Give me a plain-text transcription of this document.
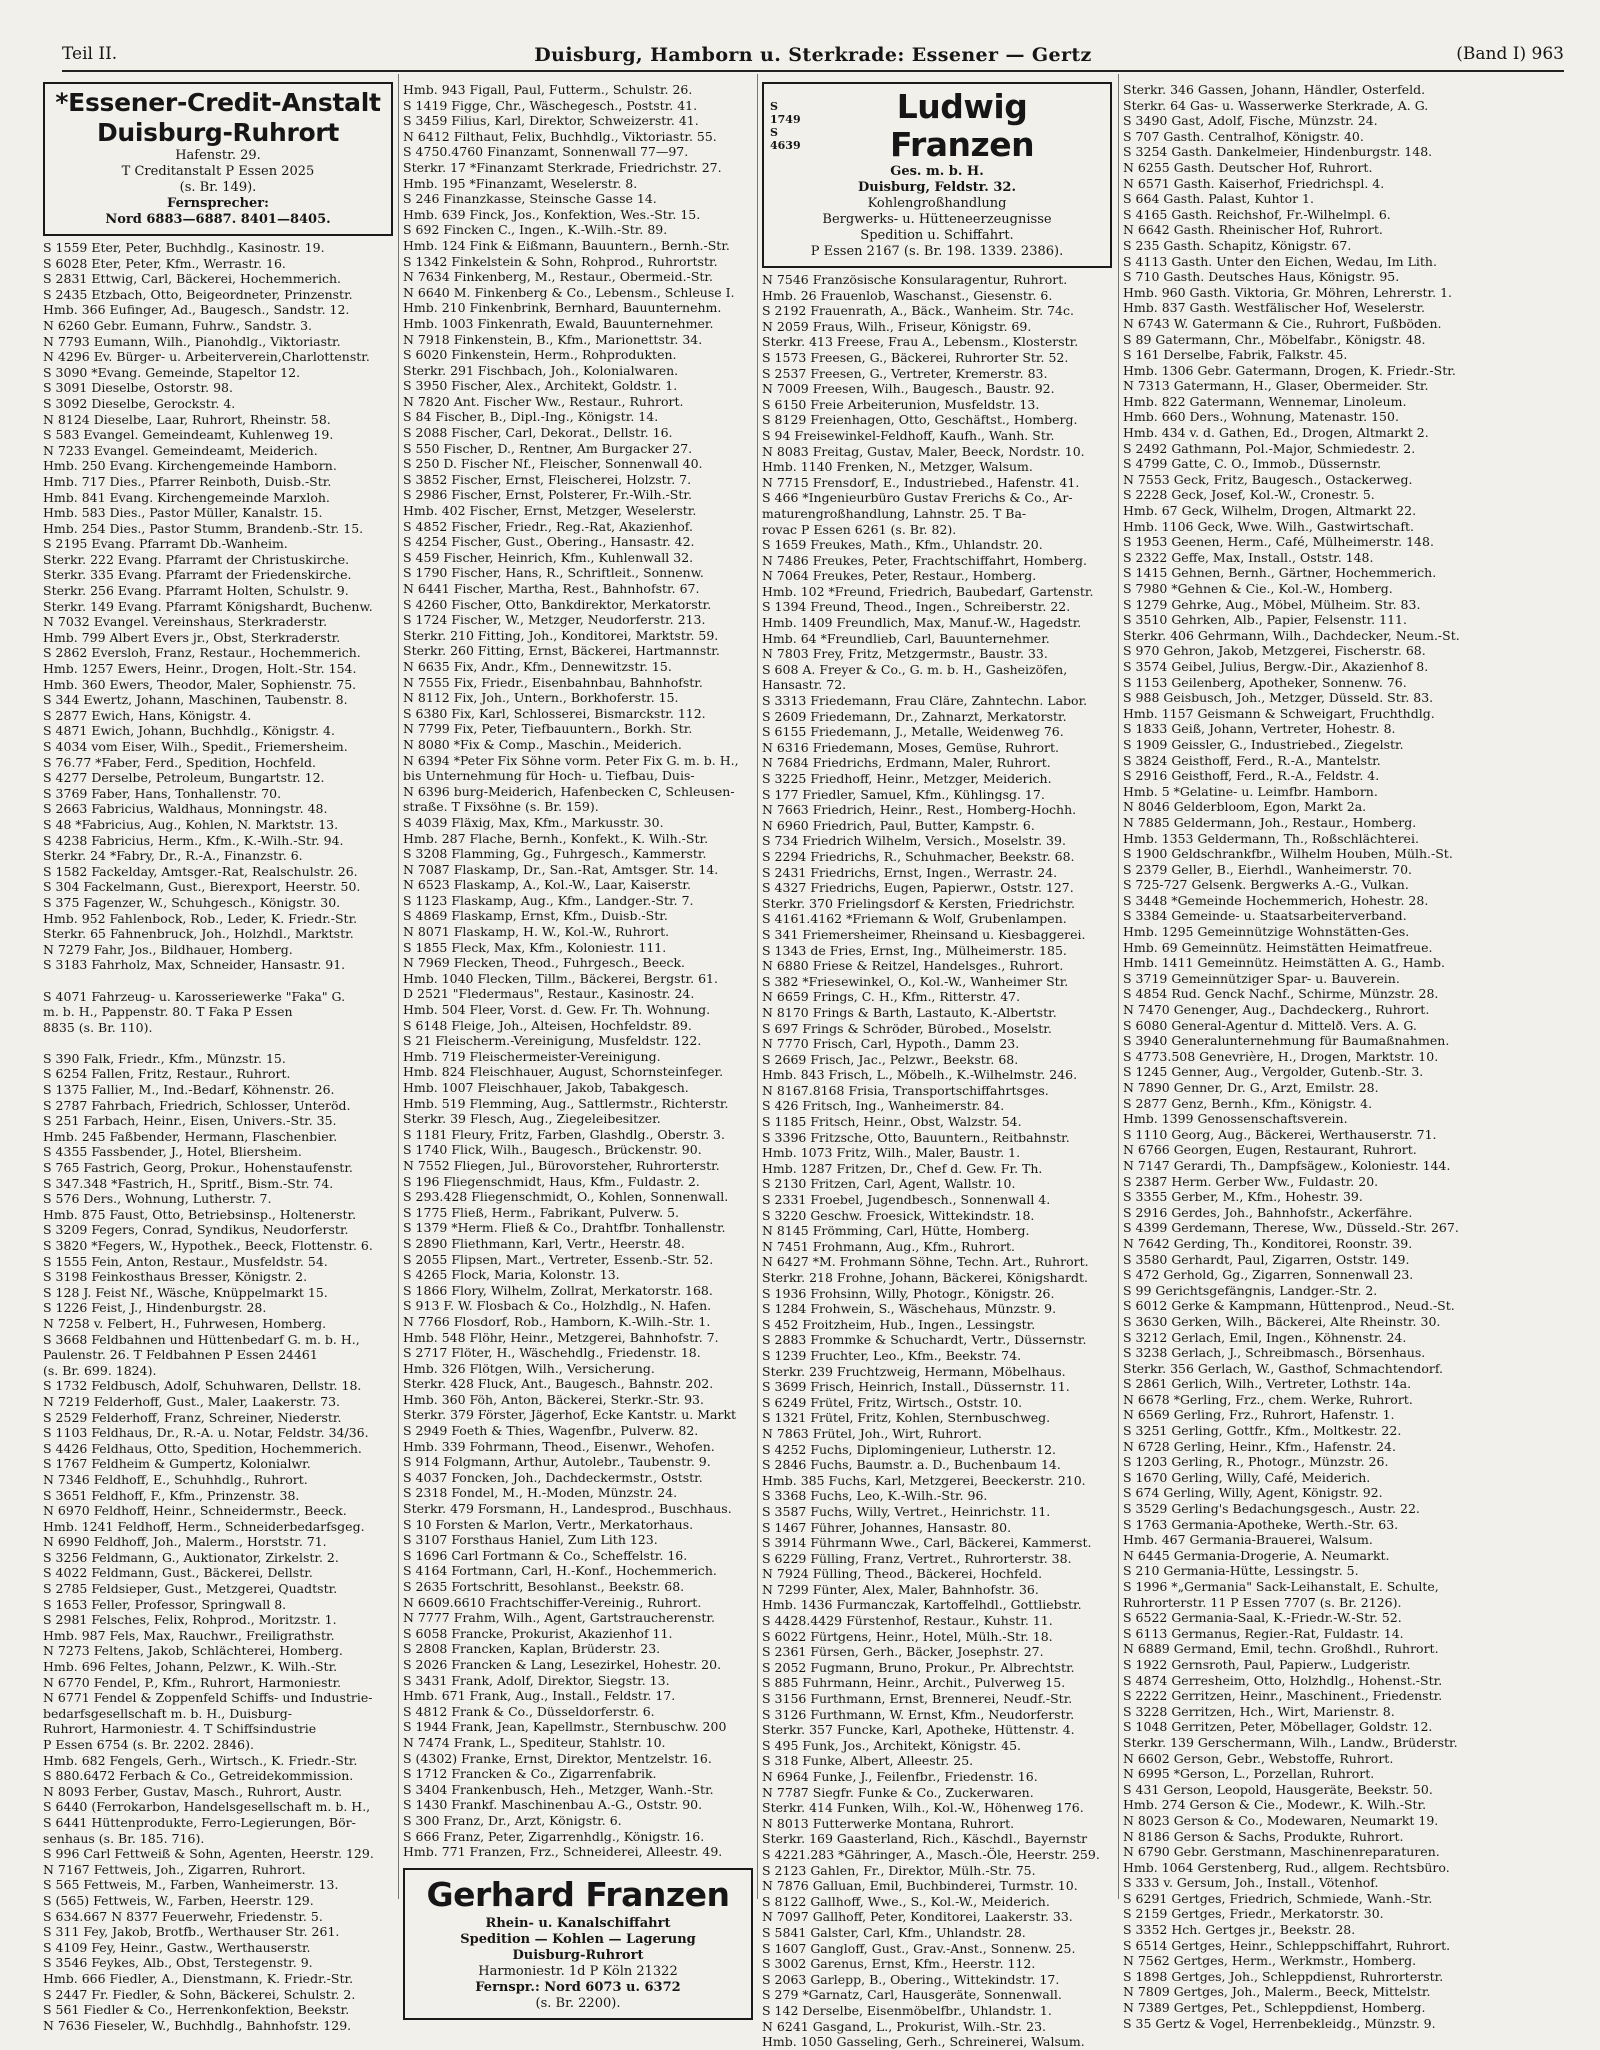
Teil II.	Duisburg, Hamborn u. Sterkrade: Essener — Gertz	(Band I) 963
*Essener-Credit-Anstalt
Duisburg-Ruhrort
Hafenstr. 29.
T Creditanstalt P Essen 2025
(s. Br. 149).
Fernsprecher:
Nord 6883—6887. 8401—8405.
S 1559 Eter, Peter, Buchhdlg., Kasinostr. 19.
S 6028 Eter, Peter, Kfm., Werrastr. 16.
S 2831 Ettwig, Carl, Bäckerei, Hochemmerich.
S 2435 Etzbach, Otto, Beigeordneter, Prinzenstr.
Hmb. 366 Eufinger, Ad., Baugesch., Sandstr. 12.
N 6260 Gebr. Eumann, Fuhrw., Sandstr. 3.
N 7793 Eumann, Wilh., Pianohdlg., Viktoriastr.
N 4296 Ev. Bürger- u. Arbeiterverein,Charlottenstr.
S 3090 *Evang. Gemeinde, Stapeltor 12.
S 3091 Dieselbe, Ostorstr. 98.
S 3092 Dieselbe, Gerockstr. 4.
N 8124 Dieselbe, Laar, Ruhrort, Rheinstr. 58.
S 583 Evangel. Gemeindeamt, Kuhlenweg 19.
N 7233 Evangel. Gemeindeamt, Meiderich.
Hmb. 250 Evang. Kirchengemeinde Hamborn.
Hmb. 717 Dies., Pfarrer Reinboth, Duisb.-Str.
Hmb. 841 Evang. Kirchengemeinde Marxloh.
Hmb. 583 Dies., Pastor Müller, Kanalstr. 15.
Hmb. 254 Dies., Pastor Stumm, Brandenb.-Str. 15.
S 2195 Evang. Pfarramt Db.-Wanheim.
Sterkr. 222 Evang. Pfarramt der Christuskirche.
Sterkr. 335 Evang. Pfarramt der Friedenskirche.
Sterkr. 256 Evang. Pfarramt Holten, Schulstr. 9.
Sterkr. 149 Evang. Pfarramt Königshardt, Buchenw.
N 7032 Evangel. Vereinshaus, Sterkraderstr.
Hmb. 799 Albert Evers jr., Obst, Sterkraderstr.
S 2862 Eversloh, Franz, Restaur., Hochemmerich.
Hmb. 1257 Ewers, Heinr., Drogen, Holt.-Str. 154.
Hmb. 360 Ewers, Theodor, Maler, Sophienstr. 75.
S 344 Ewertz, Johann, Maschinen, Taubenstr. 8.
S 2877 Ewich, Hans, Königstr. 4.
S 4871 Ewich, Johann, Buchhdlg., Königstr. 4.
S 4034 vom Eiser, Wilh., Spedit., Friemersheim.
S 76.77 *Faber, Ferd., Spedition, Hochfeld.
S 4277 Derselbe, Petroleum, Bungartstr. 12.
S 3769 Faber, Hans, Tonhallenstr. 70.
S 2663 Fabricius, Waldhaus, Monningstr. 48.
S 48 *Fabricius, Aug., Kohlen, N. Marktstr. 13.
S 4238 Fabricius, Herm., Kfm., K.-Wilh.-Str. 94.
Sterkr. 24 *Fabry, Dr., R.-A., Finanzstr. 6.
S 1582 Fackelday, Amtsger.-Rat, Realschulstr. 26.
S 304 Fackelmann, Gust., Bierexport, Heerstr. 50.
S 375 Fagenzer, W., Schuhgesch., Königstr. 30.
Hmb. 952 Fahlenbock, Rob., Leder, K. Friedr.-Str.
Sterkr. 65 Fahnenbruck, Joh., Holzhdl., Marktstr.
N 7279 Fahr, Jos., Bildhauer, Homberg.
S 3183 Fahrholz, Max, Schneider, Hansastr. 91.

S 4071 Fahrzeug- u. Karosseriewerke "Faka" G.
m. b. H., Pappenstr. 80. T Faka P Essen
8835 (s. Br. 110).

S 390 Falk, Friedr., Kfm., Münzstr. 15.
S 6254 Fallen, Fritz, Restaur., Ruhrort.
S 1375 Fallier, M., Ind.-Bedarf, Köhnenstr. 26.
S 2787 Fahrbach, Friedrich, Schlosser, Unteröd.
S 251 Farbach, Heinr., Eisen, Univers.-Str. 35.
Hmb. 245 Faßbender, Hermann, Flaschenbier.
S 4355 Fassbender, J., Hotel, Bliersheim.
S 765 Fastrich, Georg, Prokur., Hohenstaufenstr.
S 347.348 *Fastrich, H., Spritf., Bism.-Str. 74.
S 576 Ders., Wohnung, Lutherstr. 7.
Hmb. 875 Faust, Otto, Betriebsinsp., Holtenerstr.
S 3209 Fegers, Conrad, Syndikus, Neudorferstr.
S 3820 *Fegers, W., Hypothek., Beeck, Flottenstr. 6.
S 1555 Fein, Anton, Restaur., Musfeldstr. 54.
S 3198 Feinkosthaus Bresser, Königstr. 2.
S 128 J. Feist Nf., Wäsche, Knüppelmarkt 15.
S 1226 Feist, J., Hindenburgstr. 28.
N 7258 v. Felbert, H., Fuhrwesen, Homberg.
S 3668 Feldbahnen und Hüttenbedarf G. m. b. H.,
Paulenstr. 26. T Feldbahnen P Essen 24461
(s. Br. 699. 1824).
S 1732 Feldbusch, Adolf, Schuhwaren, Dellstr. 18.
N 7219 Felderhoff, Gust., Maler, Laakerstr. 73.
S 2529 Felderhoff, Franz, Schreiner, Niederstr.
S 1103 Feldhaus, Dr., R.-A. u. Notar, Feldstr. 34/36.
S 4426 Feldhaus, Otto, Spedition, Hochemmerich.
S 1767 Feldheim & Gumpertz, Kolonialwr.
N 7346 Feldhoff, E., Schuhhdlg., Ruhrort.
S 3651 Feldhoff, F., Kfm., Prinzenstr. 38.
N 6970 Feldhoff, Heinr., Schneidermstr., Beeck.
Hmb. 1241 Feldhoff, Herm., Schneiderbedarfsgeg.
N 6990 Feldhoff, Joh., Malerm., Horststr. 71.
S 3256 Feldmann, G., Auktionator, Zirkelstr. 2.
S 4022 Feldmann, Gust., Bäckerei, Dellstr.
S 2785 Feldsieper, Gust., Metzgerei, Quadtstr.
S 1653 Feller, Professor, Springwall 8.
S 2981 Felsches, Felix, Rohprod., Moritzstr. 1.
Hmb. 987 Fels, Max, Rauchwr., Freiligrathstr.
N 7273 Feltens, Jakob, Schlächterei, Homberg.
Hmb. 696 Feltes, Johann, Pelzwr., K. Wilh.-Str.
N 6770 Fendel, P., Kfm., Ruhrort, Harmoniestr.
N 6771 Fendel & Zoppenfeld Schiffs- und Industrie-
bedarfsgesellschaft m. b. H., Duisburg-
Ruhrort, Harmoniestr. 4. T Schiffsindustrie
P Essen 6754 (s. Br. 2202. 2846).
Hmb. 682 Fengels, Gerh., Wirtsch., K. Friedr.-Str.
S 880.6472 Ferbach & Co., Getreidekommission.
N 8093 Ferber, Gustav, Masch., Ruhrort, Austr.
S 6440 (Ferrokarbon, Handelsgesellschaft m. b. H.,
S 6441 Hüttenprodukte, Ferro-Legierungen, Bör-
senhaus (s. Br. 185. 716).
S 996 Carl Fettweiß & Sohn, Agenten, Heerstr. 129.
N 7167 Fettweis, Joh., Zigarren, Ruhrort.
S 565 Fettweis, M., Farben, Wanheimerstr. 13.
S (565) Fettweis, W., Farben, Heerstr. 129.
S 634.667 N 8377 Feuerwehr, Friedenstr. 5.
S 311 Fey, Jakob, Brotfb., Werthauser Str. 261.
S 4109 Fey, Heinr., Gastw., Werthauserstr.
S 3546 Feykes, Alb., Obst, Terstegenstr. 9.
Hmb. 666 Fiedler, A., Dienstmann, K. Friedr.-Str.
S 2447 Fr. Fiedler, & Sohn, Bäckerei, Schulstr. 2.
S 561 Fiedler & Co., Herrenkonfektion, Beekstr.
N 7636 Fieseler, W., Buchhdlg., Bahnhofstr. 129.
Hmb. 943 Figall, Paul, Futterm., Schulstr. 26.
S 1419 Figge, Chr., Wäschegesch., Poststr. 41.
S 3459 Filius, Karl, Direktor, Schweizerstr. 41.
N 6412 Filthaut, Felix, Buchhdlg., Viktoriastr. 55.
S 4750.4760 Finanzamt, Sonnenwall 77—97.
Sterkr. 17 *Finanzamt Sterkrade, Friedrichstr. 27.
Hmb. 195 *Finanzamt, Weselerstr. 8.
S 246 Finanzkasse, Steinsche Gasse 14.
Hmb. 639 Finck, Jos., Konfektion, Wes.-Str. 15.
S 692 Fincken C., Ingen., K.-Wilh.-Str. 89.
Hmb. 124 Fink & Eißmann, Bauuntern., Bernh.-Str.
S 1342 Finkelstein & Sohn, Rohprod., Ruhrortstr.
N 7634 Finkenberg, M., Restaur., Obermeid.-Str.
N 6640 M. Finkenberg & Co., Lebensm., Schleuse I.
Hmb. 210 Finkenbrink, Bernhard, Bauunternehm.
Hmb. 1003 Finkenrath, Ewald, Bauunternehmer.
N 7918 Finkenstein, B., Kfm., Marionettstr. 34.
S 6020 Finkenstein, Herm., Rohprodukten.
Sterkr. 291 Fischbach, Joh., Kolonialwaren.
S 3950 Fischer, Alex., Architekt, Goldstr. 1.
N 7820 Ant. Fischer Ww., Restaur., Ruhrort.
S 84 Fischer, B., Dipl.-Ing., Königstr. 14.
S 2088 Fischer, Carl, Dekorat., Dellstr. 16.
S 550 Fischer, D., Rentner, Am Burgacker 27.
S 250 D. Fischer Nf., Fleischer, Sonnenwall 40.
S 3852 Fischer, Ernst, Fleischerei, Holzstr. 7.
S 2986 Fischer, Ernst, Polsterer, Fr.-Wilh.-Str.
Hmb. 402 Fischer, Ernst, Metzger, Weselerstr.
S 4852 Fischer, Friedr., Reg.-Rat, Akazienhof.
S 4254 Fischer, Gust., Obering., Hansastr. 42.
S 459 Fischer, Heinrich, Kfm., Kuhlenwall 32.
S 1790 Fischer, Hans, R., Schriftleit., Sonnenw.
N 6441 Fischer, Martha, Rest., Bahnhofstr. 67.
S 4260 Fischer, Otto, Bankdirektor, Merkatorstr.
S 1724 Fischer, W., Metzger, Neudorferstr. 213.
Sterkr. 210 Fitting, Joh., Konditorei, Marktstr. 59.
Sterkr. 260 Fitting, Ernst, Bäckerei, Hartmannstr.
N 6635 Fix, Andr., Kfm., Dennewitzstr. 15.
N 7555 Fix, Friedr., Eisenbahnbau, Bahnhofstr.
N 8112 Fix, Joh., Untern., Borkhoferstr. 15.
S 6380 Fix, Karl, Schlosserei, Bismarckstr. 112.
N 7799 Fix, Peter, Tiefbauuntern., Borkh. Str.
N 8080 *Fix & Comp., Maschin., Meiderich.
N 6394 *Peter Fix Söhne vorm. Peter Fix G. m. b. H.,
bis Unternehmung für Hoch- u. Tiefbau, Duis-
N 6396 burg-Meiderich, Hafenbecken C, Schleusen-
straße. T Fixsöhne (s. Br. 159).
S 4039 Fläxig, Max, Kfm., Markusstr. 30.
Hmb. 287 Flache, Bernh., Konfekt., K. Wilh.-Str.
S 3208 Flamming, Gg., Fuhrgesch., Kammerstr.
N 7087 Flaskamp, Dr., San.-Rat, Amtsger. Str. 14.
N 6523 Flaskamp, A., Kol.-W., Laar, Kaiserstr.
S 1123 Flaskamp, Aug., Kfm., Landger.-Str. 7.
S 4869 Flaskamp, Ernst, Kfm., Duisb.-Str.
N 8071 Flaskamp, H. W., Kol.-W., Ruhrort.
S 1855 Fleck, Max, Kfm., Koloniestr. 111.
N 7969 Flecken, Theod., Fuhrgesch., Beeck.
Hmb. 1040 Flecken, Tillm., Bäckerei, Bergstr. 61.
D 2521 "Fledermaus", Restaur., Kasinostr. 24.
Hmb. 504 Fleer, Vorst. d. Gew. Fr. Th. Wohnung.
S 6148 Fleige, Joh., Alteisen, Hochfeldstr. 89.
S 21 Fleischerm.-Vereinigung, Musfeldstr. 122.
Hmb. 719 Fleischermeister-Vereinigung.
Hmb. 824 Fleischhauer, August, Schornsteinfeger.
Hmb. 1007 Fleischhauer, Jakob, Tabakgesch.
Hmb. 519 Flemming, Aug., Sattlermstr., Richterstr.
Sterkr. 39 Flesch, Aug., Ziegeleibesitzer.
S 1181 Fleury, Fritz, Farben, Glashdlg., Oberstr. 3.
S 1740 Flick, Wilh., Baugesch., Brückenstr. 90.
N 7552 Fliegen, Jul., Bürovorsteher, Ruhrorterstr.
S 196 Fliegenschmidt, Haus, Kfm., Fuldastr. 2.
S 293.428 Fliegenschmidt, O., Kohlen, Sonnenwall.
S 1775 Fließ, Herm., Fabrikant, Pulverw. 5.
S 1379 *Herm. Fließ & Co., Drahtfbr. Tonhallenstr.
S 2890 Fliethmann, Karl, Vertr., Heerstr. 48.
S 2055 Flipsen, Mart., Vertreter, Essenb.-Str. 52.
S 4265 Flock, Maria, Kolonstr. 13.
S 1866 Flory, Wilhelm, Zollrat, Merkatorstr. 168.
S 913 F. W. Flosbach & Co., Holzhdlg., N. Hafen.
N 7766 Flosdorf, Rob., Hamborn, K.-Wilh.-Str. 1.
Hmb. 548 Flöhr, Heinr., Metzgerei, Bahnhofstr. 7.
S 2717 Flöter, H., Wäschehdlg., Friedenstr. 18.
Hmb. 326 Flötgen, Wilh., Versicherung.
Sterkr. 428 Fluck, Ant., Baugesch., Bahnstr. 202.
Hmb. 360 Föh, Anton, Bäckerei, Sterkr.-Str. 93.
Sterkr. 379 Förster, Jägerhof, Ecke Kantstr. u. Markt
S 2949 Foeth & Thies, Wagenfbr., Pulverw. 82.
Hmb. 339 Fohrmann, Theod., Eisenwr., Wehofen.
S 914 Folgmann, Arthur, Autolebr., Taubenstr. 9.
S 4037 Foncken, Joh., Dachdeckermstr., Oststr.
S 2318 Fondel, M., H.-Moden, Münzstr. 24.
Sterkr. 479 Forsmann, H., Landesprod., Buschhaus.
S 10 Forsten & Marlon, Vertr., Merkatorhaus.
S 3107 Forsthaus Haniel, Zum Lith 123.
S 1696 Carl Fortmann & Co., Scheffelstr. 16.
S 4164 Fortmann, Carl, H.-Konf., Hochemmerich.
S 2635 Fortschritt, Besohlanst., Beekstr. 68.
N 6609.6610 Frachtschiffer-Vereinig., Ruhrort.
N 7777 Frahm, Wilh., Agent, Gartstraucherenstr.
S 6058 Francke, Prokurist, Akazienhof 11.
S 2808 Francken, Kaplan, Brüderstr. 23.
S 2026 Francken & Lang, Lesezirkel, Hohestr. 20.
S 3431 Frank, Adolf, Direktor, Siegstr. 13.
Hmb. 671 Frank, Aug., Install., Feldstr. 17.
S 4812 Frank & Co., Düsseldorferstr. 6.
S 1944 Frank, Jean, Kapellmstr., Sternbuschw. 200
N 7474 Frank, L., Spediteur, Stahlstr. 10.
S (4302) Franke, Ernst, Direktor, Mentzelstr. 16.
S 1712 Francken & Co., Zigarrenfabrik.
S 3404 Frankenbusch, Heh., Metzger, Wanh.-Str.
S 1430 Frankf. Maschinenbau A.-G., Oststr. 90.
S 300 Franz, Dr., Arzt, Königstr. 6.
S 666 Franz, Peter, Zigarrenhdlg., Königstr. 16.
Hmb. 771 Franzen, Frz., Schneiderei, Alleestr. 49.
Gerhard Franzen
Rhein- u. Kanalschiffahrt
Spedition — Kohlen — Lagerung
Duisburg-Ruhrort
Harmoniestr. 1d P Köln 21322
Fernspr.: Nord 6073 u. 6372
(s. Br. 2200).
S 1749
S 4639
Ludwig Franzen
Ges. m. b. H.
Duisburg, Feldstr. 32.
Kohlengroßhandlung
Bergwerks- u. Hütteneerzeugnisse
Spedition u. Schiffahrt.
P Essen 2167 (s. Br. 198. 1339. 2386).
N 7546 Französische Konsularagentur, Ruhrort.
Hmb. 26 Frauenlob, Waschanst., Giesenstr. 6.
S 2192 Frauenrath, A., Bäck., Wanheim. Str. 74c.
N 2059 Fraus, Wilh., Friseur, Königstr. 69.
Sterkr. 413 Freese, Frau A., Lebensm., Klosterstr.
S 1573 Freesen, G., Bäckerei, Ruhrorter Str. 52.
S 2537 Freesen, G., Vertreter, Kremerstr. 83.
N 7009 Freesen, Wilh., Baugesch., Baustr. 92.
S 6150 Freie Arbeiterunion, Musfeldstr. 13.
S 8129 Freienhagen, Otto, Geschäftst., Homberg.
S 94 Freisewinkel-Feldhoff, Kaufh., Wanh. Str.
N 8083 Freitag, Gustav, Maler, Beeck, Nordstr. 10.
Hmb. 1140 Frenken, N., Metzger, Walsum.
N 7715 Frensdorf, E., Industriebed., Hafenstr. 41.
S 466 *Ingenieurbüro Gustav Frerichs & Co., Ar-
maturengroßhandlung, Lahnstr. 25. T Ba-
rovac P Essen 6261 (s. Br. 82).
S 1659 Freukes, Math., Kfm., Uhlandstr. 20.
N 7486 Freukes, Peter, Frachtschiffahrt, Homberg.
N 7064 Freukes, Peter, Restaur., Homberg.
Hmb. 102 *Freund, Friedrich, Baubedarf, Gartenstr.
S 1394 Freund, Theod., Ingen., Schreiberstr. 22.
Hmb. 1409 Freundlich, Max, Manuf.-W., Hagedstr.
Hmb. 64 *Freundlieb, Carl, Bauunternehmer.
N 7803 Frey, Fritz, Metzgermstr., Baustr. 33.
S 608 A. Freyer & Co., G. m. b. H., Gasheizöfen,
Hansastr. 72.
S 3313 Friedemann, Frau Cläre, Zahntechn. Labor.
S 2609 Friedemann, Dr., Zahnarzt, Merkatorstr.
S 6155 Friedemann, J., Metalle, Weidenweg 76.
N 6316 Friedemann, Moses, Gemüse, Ruhrort.
N 7684 Friedrichs, Erdmann, Maler, Ruhrort.
S 3225 Friedhoff, Heinr., Metzger, Meiderich.
S 177 Friedler, Samuel, Kfm., Kühlingsg. 17.
N 7663 Friedrich, Heinr., Rest., Homberg-Hochh.
N 6960 Friedrich, Paul, Butter, Kampstr. 6.
S 734 Friedrich Wilhelm, Versich., Moselstr. 39.
S 2294 Friedrichs, R., Schuhmacher, Beekstr. 68.
S 2431 Friedrichs, Ernst, Ingen., Werrastr. 24.
S 4327 Friedrichs, Eugen, Papierwr., Oststr. 127.
Sterkr. 370 Frielingsdorf & Kersten, Friedrichstr.
S 4161.4162 *Friemann & Wolf, Grubenlampen.
S 341 Friemersheimer, Rheinsand u. Kiesbaggerei.
S 1343 de Fries, Ernst, Ing., Mülheimerstr. 185.
N 6880 Friese & Reitzel, Handelsges., Ruhrort.
S 382 *Friesewinkel, O., Kol.-W., Wanheimer Str.
N 6659 Frings, C. H., Kfm., Ritterstr. 47.
N 8170 Frings & Barth, Lastauto, K.-Albertstr.
S 697 Frings & Schröder, Bürobed., Moselstr.
N 7770 Frisch, Carl, Hypoth., Damm 23.
S 2669 Frisch, Jac., Pelzwr., Beekstr. 68.
Hmb. 843 Frisch, L., Möbelh., K.-Wilhelmstr. 246.
N 8167.8168 Frisia, Transportschiffahrtsges.
S 426 Fritsch, Ing., Wanheimerstr. 84.
S 1185 Fritsch, Heinr., Obst, Walzstr. 54.
S 3396 Fritzsche, Otto, Bauuntern., Reitbahnstr.
Hmb. 1073 Fritz, Wilh., Maler, Baustr. 1.
Hmb. 1287 Fritzen, Dr., Chef d. Gew. Fr. Th.
S 2130 Fritzen, Carl, Agent, Wallstr. 10.
S 2331 Froebel, Jugendbesch., Sonnenwall 4.
S 3220 Geschw. Froesick, Wittekindstr. 18.
N 8145 Frömming, Carl, Hütte, Homberg.
N 7451 Frohmann, Aug., Kfm., Ruhrort.
N 6427 *M. Frohmann Söhne, Techn. Art., Ruhrort.
Sterkr. 218 Frohne, Johann, Bäckerei, Königshardt.
S 1936 Frohsinn, Willy, Photogr., Königstr. 26.
S 1284 Frohwein, S., Wäschehaus, Münzstr. 9.
S 452 Froitzheim, Hub., Ingen., Lessingstr.
S 2883 Frommke & Schuchardt, Vertr., Düssernstr.
S 1239 Fruchter, Leo., Kfm., Beekstr. 74.
Sterkr. 239 Fruchtzweig, Hermann, Möbelhaus.
S 3699 Frisch, Heinrich, Install., Düssernstr. 11.
S 6249 Frütel, Fritz, Wirtsch., Oststr. 10.
S 1321 Frütel, Fritz, Kohlen, Sternbuschweg.
N 7863 Frütel, Joh., Wirt, Ruhrort.
S 4252 Fuchs, Diplomingenieur, Lutherstr. 12.
S 2846 Fuchs, Baumstr. a. D., Buchenbaum 14.
Hmb. 385 Fuchs, Karl, Metzgerei, Beeckerstr. 210.
S 3368 Fuchs, Leo, K.-Wilh.-Str. 96.
S 3587 Fuchs, Willy, Vertret., Heinrichstr. 11.
S 1467 Führer, Johannes, Hansastr. 80.
S 3914 Führmann Wwe., Carl, Bäckerei, Kammerst.
S 6229 Fülling, Franz, Vertret., Ruhrorterstr. 38.
N 7924 Fülling, Theod., Bäckerei, Hochfeld.
N 7299 Fünter, Alex, Maler, Bahnhofstr. 36.
Hmb. 1436 Furmanczak, Kartoffelhdl., Gottliebstr.
S 4428.4429 Fürstenhof, Restaur., Kuhstr. 11.
S 6022 Fürtgens, Heinr., Hotel, Mülh.-Str. 18.
S 2361 Fürsen, Gerh., Bäcker, Josephstr. 27.
S 2052 Fugmann, Bruno, Prokur., Pr. Albrechtstr.
S 885 Fuhrmann, Heinr., Archit., Pulverweg 15.
S 3156 Furthmann, Ernst, Brennerei, Neudf.-Str.
S 3126 Furthmann, W. Ernst, Kfm., Neudorferstr.
Sterkr. 357 Funcke, Karl, Apotheke, Hüttenstr. 4.
S 495 Funk, Jos., Architekt, Königstr. 45.
S 318 Funke, Albert, Alleestr. 25.
N 6964 Funke, J., Feilenfbr., Friedenstr. 16.
N 7787 Siegfr. Funke & Co., Zuckerwaren.
Sterkr. 414 Funken, Wilh., Kol.-W., Höhenweg 176.
N 8013 Futterwerke Montana, Ruhrort.
Sterkr. 169 Gaasterland, Rich., Käschdl., Bayernstr
S 4221.283 *Gähringer, A., Masch.-Öle, Heerstr. 259.
S 2123 Gahlen, Fr., Direktor, Mülh.-Str. 75.
N 7876 Galluan, Emil, Buchbinderei, Turmstr. 10.
S 8122 Gallhoff, Wwe., S., Kol.-W., Meiderich.
N 7097 Gallhoff, Peter, Konditorei, Laakerstr. 33.
S 5841 Galster, Carl, Kfm., Uhlandstr. 28.
S 1607 Gangloff, Gust., Grav.-Anst., Sonnenw. 25.
S 3002 Garenus, Ernst, Kfm., Heerstr. 112.
S 2063 Garlepp, B., Obering., Wittekindstr. 17.
S 279 *Garnatz, Carl, Hausgeräte, Sonnenwall.
S 142 Derselbe, Eisenmöbelfbr., Uhlandstr. 1.
N 6241 Gasgand, L., Prokurist, Wilh.-Str. 23.
Hmb. 1050 Gasseling, Gerh., Schreinerei, Walsum.
Sterkr. 346 Gassen, Johann, Händler, Osterfeld.
Sterkr. 64 Gas- u. Wasserwerke Sterkrade, A. G.
S 3490 Gast, Adolf, Fische, Münzstr. 24.
S 707 Gasth. Centralhof, Königstr. 40.
S 3254 Gasth. Dankelmeier, Hindenburgstr. 148.
N 6255 Gasth. Deutscher Hof, Ruhrort.
N 6571 Gasth. Kaiserhof, Friedrichspl. 4.
S 664 Gasth. Palast, Kuhtor 1.
S 4165 Gasth. Reichshof, Fr.-Wilhelmpl. 6.
N 6642 Gasth. Rheinischer Hof, Ruhrort.
S 235 Gasth. Schapitz, Königstr. 67.
S 4113 Gasth. Unter den Eichen, Wedau, Im Lith.
S 710 Gasth. Deutsches Haus, Königstr. 95.
Hmb. 960 Gasth. Viktoria, Gr. Möhren, Lehrerstr. 1.
Hmb. 837 Gasth. Westfälischer Hof, Weselerstr.
N 6743 W. Gatermann & Cie., Ruhrort, Fußböden.
S 89 Gatermann, Chr., Möbelfabr., Königstr. 48.
S 161 Derselbe, Fabrik, Falkstr. 45.
Hmb. 1306 Gebr. Gatermann, Drogen, K. Friedr.-Str.
N 7313 Gatermann, H., Glaser, Obermeider. Str.
Hmb. 822 Gatermann, Wennemar, Linoleum.
Hmb. 660 Ders., Wohnung, Matenastr. 150.
Hmb. 434 v. d. Gathen, Ed., Drogen, Altmarkt 2.
S 2492 Gathmann, Pol.-Major, Schmiedestr. 2.
S 4799 Gatte, C. O., Immob., Düssernstr.
N 7553 Geck, Fritz, Baugesch., Ostackerweg.
S 2228 Geck, Josef, Kol.-W., Cronestr. 5.
Hmb. 67 Geck, Wilhelm, Drogen, Altmarkt 22.
Hmb. 1106 Geck, Wwe. Wilh., Gastwirtschaft.
S 1953 Geenen, Herm., Café, Mülheimerstr. 148.
S 2322 Geffe, Max, Install., Oststr. 148.
S 1415 Gehnen, Bernh., Gärtner, Hochemmerich.
S 7980 *Gehnen & Cie., Kol.-W., Homberg.
S 1279 Gehrke, Aug., Möbel, Mülheim. Str. 83.
S 3510 Gehrken, Alb., Papier, Felsenstr. 111.
Sterkr. 406 Gehrmann, Wilh., Dachdecker, Neum.-St.
S 970 Gehron, Jakob, Metzgerei, Fischerstr. 68.
S 3574 Geibel, Julius, Bergw.-Dir., Akazienhof 8.
S 1153 Geilenberg, Apotheker, Sonnenw. 76.
S 988 Geisbusch, Joh., Metzger, Düsseld. Str. 83.
Hmb. 1157 Geismann & Schweigart, Fruchthdlg.
S 1833 Geiß, Johann, Vertreter, Hohestr. 8.
S 1909 Geissler, G., Industriebed., Ziegelstr.
S 3824 Geisthoff, Ferd., R.-A., Mantelstr.
S 2916 Geisthoff, Ferd., R.-A., Feldstr. 4.
Hmb. 5 *Gelatine- u. Leimfbr. Hamborn.
N 8046 Gelderbloom, Egon, Markt 2a.
N 7885 Geldermann, Joh., Restaur., Homberg.
Hmb. 1353 Geldermann, Th., Roßschlächterei.
S 1900 Geldschrankfbr., Wilhelm Houben, Mülh.-St.
S 2379 Geller, B., Eierhdl., Wanheimerstr. 70.
S 725-727 Gelsenk. Bergwerks A.-G., Vulkan.
S 3448 *Gemeinde Hochemmerich, Hohestr. 28.
S 3384 Gemeinde- u. Staatsarbeiterverband.
Hmb. 1295 Gemeinnützige Wohnstätten-Ges.
Hmb. 69 Gemeinnütz. Heimstätten Heimatfreue.
Hmb. 1411 Gemeinnütz. Heimstätten A. G., Hamb.
S 3719 Gemeinnütziger Spar- u. Bauverein.
S 4854 Rud. Genck Nachf., Schirme, Münzstr. 28.
N 7470 Genenger, Aug., Dachdeckerg., Ruhrort.
S 6080 General-Agentur d. Mittelð. Vers. A. G.
S 3940 Generalunternehmung für Baumaßnahmen.
S 4773.508 Genevrière, H., Drogen, Marktstr. 10.
S 1245 Genner, Aug., Vergolder, Gutenb.-Str. 3.
N 7890 Genner, Dr. G., Arzt, Emilstr. 28.
S 2877 Genz, Bernh., Kfm., Königstr. 4.
Hmb. 1399 Genossenschaftsverein.
S 1110 Georg, Aug., Bäckerei, Werthauserstr. 71.
N 6766 Georgen, Eugen, Restaurant, Ruhrort.
N 7147 Gerardi, Th., Dampfsägew., Koloniestr. 144.
S 2387 Herm. Gerber Ww., Fuldastr. 20.
S 3355 Gerber, M., Kfm., Hohestr. 39.
S 2916 Gerdes, Joh., Bahnhofstr., Ackerfähre.
S 4399 Gerdemann, Therese, Ww., Düsseld.-Str. 267.
N 7642 Gerding, Th., Konditorei, Roonstr. 39.
S 3580 Gerhardt, Paul, Zigarren, Oststr. 149.
S 472 Gerhold, Gg., Zigarren, Sonnenwall 23.
S 99 Gerichtsgefängnis, Landger.-Str. 2.
S 6012 Gerke & Kampmann, Hüttenprod., Neud.-St.
S 3630 Gerken, Wilh., Bäckerei, Alte Rheinstr. 30.
S 3212 Gerlach, Emil, Ingen., Köhnenstr. 24.
S 3238 Gerlach, J., Schreibmasch., Börsenhaus.
Sterkr. 356 Gerlach, W., Gasthof, Schmachtendorf.
S 2861 Gerlich, Wilh., Vertreter, Lothstr. 14a.
N 6678 *Gerling, Frz., chem. Werke, Ruhrort.
N 6569 Gerling, Frz., Ruhrort, Hafenstr. 1.
S 3251 Gerling, Gottfr., Kfm., Moltkestr. 22.
N 6728 Gerling, Heinr., Kfm., Hafenstr. 24.
S 1203 Gerling, R., Photogr., Münzstr. 26.
S 1670 Gerling, Willy, Café, Meiderich.
S 674 Gerling, Willy, Agent, Königstr. 92.
S 3529 Gerling's Bedachungsgesch., Austr. 22.
S 1763 Germania-Apotheke, Werth.-Str. 63.
Hmb. 467 Germania-Brauerei, Walsum.
N 6445 Germania-Drogerie, A. Neumarkt.
S 210 Germania-Hütte, Lessingstr. 5.
S 1996 *„Germania" Sack-Leihanstalt, E. Schulte,
Ruhrorterstr. 11 P Essen 7707 (s. Br. 2126).
S 6522 Germania-Saal, K.-Friedr.-W.-Str. 52.
S 6113 Germanus, Regier.-Rat, Fuldastr. 14.
N 6889 Germand, Emil, techn. Großhdl., Ruhrort.
S 1922 Gernsroth, Paul, Papierw., Ludgeristr.
S 4874 Gerresheim, Otto, Holzhdlg., Hohenst.-Str.
S 2222 Gerritzen, Heinr., Maschinent., Friedenstr.
S 3228 Gerritzen, Hch., Wirt, Marienstr. 8.
S 1048 Gerritzen, Peter, Möbellager, Goldstr. 12.
Sterkr. 139 Gerschermann, Wilh., Landw., Brüderstr.
N 6602 Gerson, Gebr., Webstoffe, Ruhrort.
N 6995 *Gerson, L., Porzellan, Ruhrort.
S 431 Gerson, Leopold, Hausgeräte, Beekstr. 50.
Hmb. 274 Gerson & Cie., Modewr., K. Wilh.-Str.
N 8023 Gerson & Co., Modewaren, Neumarkt 19.
N 8186 Gerson & Sachs, Produkte, Ruhrort.
N 6790 Gebr. Gerstmann, Maschinenreparaturen.
Hmb. 1064 Gerstenberg, Rud., allgem. Rechtsbüro.
S 333 v. Gersum, Joh., Install., Vötenhof.
S 6291 Gertges, Friedrich, Schmiede, Wanh.-Str.
S 2159 Gertges, Friedr., Merkatorstr. 30.
S 3352 Hch. Gertges jr., Beekstr. 28.
S 6514 Gertges, Heinr., Schleppschiffahrt, Ruhrort.
N 7562 Gertges, Herm., Werkmstr., Homberg.
S 1898 Gertges, Joh., Schleppdienst, Ruhrorterstr.
N 7809 Gertges, Joh., Malerm., Beeck, Mittelstr.
N 7389 Gertges, Pet., Schleppdienst, Homberg.
S 35 Gertz & Vogel, Herrenbekleidg., Münzstr. 9.
